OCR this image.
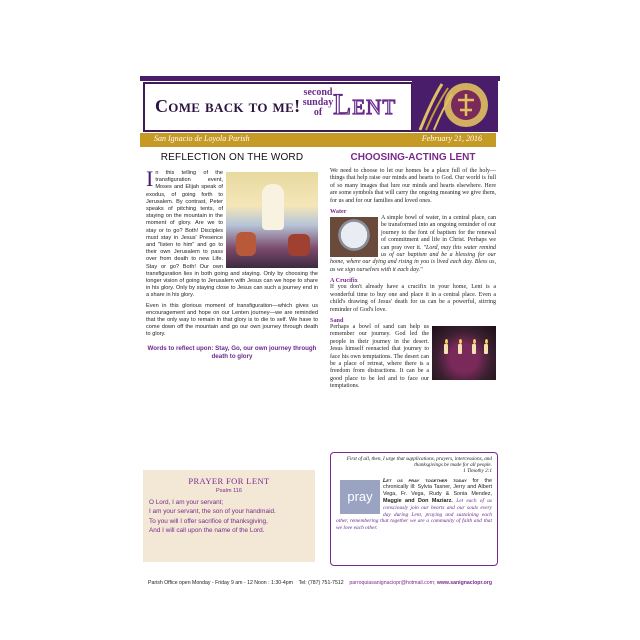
Come back to me!
second
sunday
of Lent
San Ignacio de Loyola Parish	February 21, 2016
REFLECTION ON THE WORD
I n this telling of the transfiguration event, Moses and Elijah speak of exodus, of going forth to Jerusalem. By contrast, Peter speaks of pitching tents, of staying on the mountain in the moment of glory. Are we to stay or to go? Both! Disciples must stay in Jesus' Presence and "listen to him" and go to their own Jerusalem to pass over from death to new Life. Stay or go? Both! Our own transfiguration lies in both going and staying. Only by choosing the longer vision of going to Jerusalem with Jesus can we hope to share in his glory. Only by staying close to Jesus can such a journey end in a share in his glory.
Even in this glorious moment of transfiguration—which gives us encouragement and hope on our Lenten journey—we are reminded that the only way to remain in that glory is to die to self. We have to come down off the mountain and go our own journey through death to glory.
Words to reflect upon: Stay, Go, our own journey through death to glory
PRAYER FOR LENT
Psalm 116
O Lord, I am your servant;
I am your servant, the son of your handmaid.
To you will I offer sacrifice of thanksgiving,
And I will call upon the name of the Lord.
CHOOSING-ACTING LENT
We need to choose to let our homes be a place full of the holy—things that help raise our minds and hearts to God. Our world is full of so many images that lure our minds and hearts elsewhere. Here are some symbols that will carry the ongoing meaning we give them, for us and for our families and loved ones.
Water
A simple bowl of water, in a central place, can be transformed into an ongoing reminder of our journey to the font of baptism for the renewal of commitment and life in Christ. Perhaps we can pray over it. "Lord, may this water remind us of our baptism and be a blessing for our home, where our dying and rising in you is lived each day. Bless us, as we sign ourselves with it each day."
A Crucifix
If you don't already have a crucifix in your home, Lent is a wonderful time to buy one and place it in a central place. Even a child's drawing of Jesus' death for us can be a powerful, stirring reminder of God's love.
Sand
Perhaps a bowl of sand can help us remember our journey. God led the people in their journey in the desert. Jesus himself reenacted that journey to face his own temptations. The desert can be a place of retreat, where there is a freedom from distractions. It can be a good place to be led and to face our temptations.
First of all, then, I urge that supplications, prayers, intercessions, and thanksgivings be made for all people.
1 Timothy 2:1
pray
Let us pray together today for the chronically ill: Sylvia Tasner, Jerry and Albert Vega, Fr. Vega, Rudy & Sonia Mendez, Maggie and Don Maziarz. Let each of us consciously join our hearts and our souls every day during Lent, praying and sustaining each other, remembering that together we are a community of faith and that we love each other.
Parish Office open Monday - Friday 9 am - 12 Noon : 1:30-4pm Tel: (787) 751-7512 parroquiasanignaciopr@hotmail.com; www.sanignaciopr.org
